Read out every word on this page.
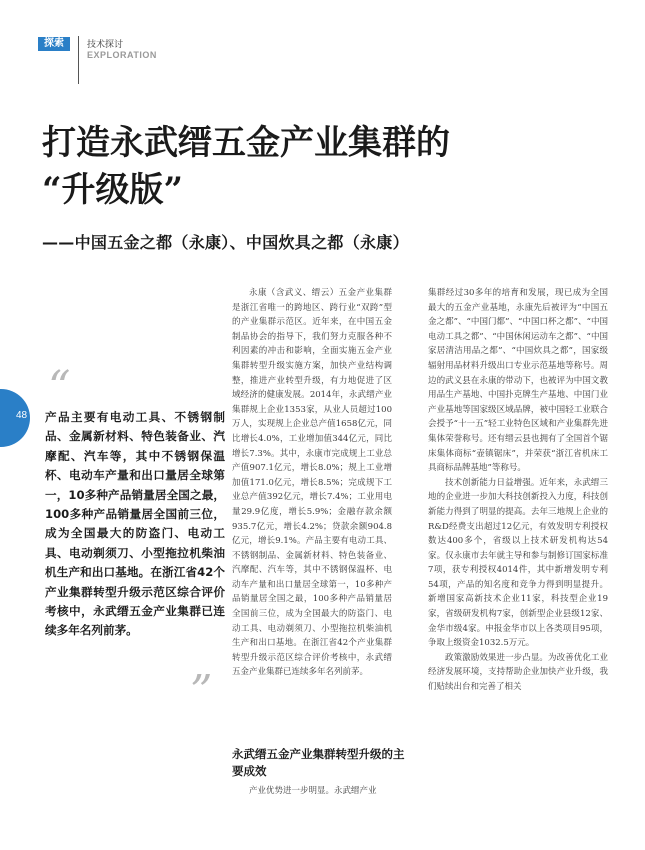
探索	技术探讨
EXPLORATION
打造永武缙五金产业集群的
“升级版”
——中国五金之都（永康）、中国炊具之都（永康）
48
“

产品主要有电动工具、不锈钢制品、金属新材料、特色装备业、汽摩配、汽车等，其中不锈钢保温杯、电动车产量和出口量居全球第一，10多种产品销量居全国之最，100多种产品销量居全国前三位，成为全国最大的防盗门、电动工具、电动剃须刀、小型拖拉机柴油机生产和出口基地。在浙江省42个产业集群转型升级示范区综合评价考核中，永武缙五金产业集群已连续多年名列前茅。

”

永康（含武义、缙云）五金产业集群是浙江省唯一的跨地区、跨行业“双跨”型的产业集群示范区。近年来，在中国五金制品协会的指导下，我们努力克服各种不利因素的冲击和影响，全面实施五金产业集群转型升级实施方案，加快产业结构调整，推进产业转型升级，有力地促进了区域经济的健康发展。2014年，永武缙产业集群规上企业1353家，从业人员超过100万人，实现规上企业总产值1658亿元，同比增长4.0%，工业增加值344亿元，同比增长7.3%。其中，永康市完成规上工业总产值907.1亿元，增长8.0%；规上工业增加值171.0亿元，增长8.5%；完成规下工业总产值392亿元，增长7.4%；工业用电量29.9亿度，增长5.9%；金融存款余额935.7亿元，增长4.2%；贷款余额904.8亿元，增长9.1%。产品主要有电动工具、不锈钢制品、金属新材料、特色装备业、汽摩配、汽车等，其中不锈钢保温杯、电动车产量和出口量居全球第一，10多种产品销量居全国之最，100多种产品销量居全国前三位，成为全国最大的防盗门、电动工具、电动剃须刀、小型拖拉机柴油机生产和出口基地。在浙江省42个产业集群转型升级示范区综合评价考核中，永武缙五金产业集群已连续多年名列前茅。

永武缙五金产业集群转型升级的主要成效

产业优势进一步明显。永武缙产业

集群经过30多年的培育和发展，现已成为全国最大的五金产业基地，永康先后被评为“中国五金之都”、“中国门都”、“中国口杯之都”、“中国电动工具之都”、“中国休闲运动车之都”、“中国家居清洁用品之都”、“中国炊具之都”，国家级辐射用品材料升级出口专业示范基地等称号。周边的武义县在永康的带动下，也被评为中国文教用品生产基地、中国扑克牌生产基地、中国门业产业基地等国家级区域品牌，被中国轻工业联合会授予“十一五”轻工业特色区域和产业集群先进集体荣誉称号。还有缙云县也拥有了全国首个锯床集体商标“壶镇锯床”，并荣获“浙江省机床工具商标品牌基地”等称号。

技术创新能力日益增强。近年来，永武缙三地的企业进一步加大科技创新投入力度，科技创新能力得到了明显的提高。去年三地规上企业的R&D经费支出超过12亿元，有效发明专利授权数达400多个，省级以上技术研发机构达54家。仅永康市去年就主导和参与制修订国家标准7项，获专利授权4014件，其中新增发明专利54项，产品的知名度和竞争力得到明显提升。新增国家高新技术企业11家，科技型企业19家，省级研发机构7家，创新型企业县级12家、金华市级4家。申报金华市以上各类项目95项，争取上级资金1032.5万元。

政策激励效果进一步凸显。为改善优化工业经济发展环境，支持帮助企业加快产业升级，我们贴续出台和完善了相关
